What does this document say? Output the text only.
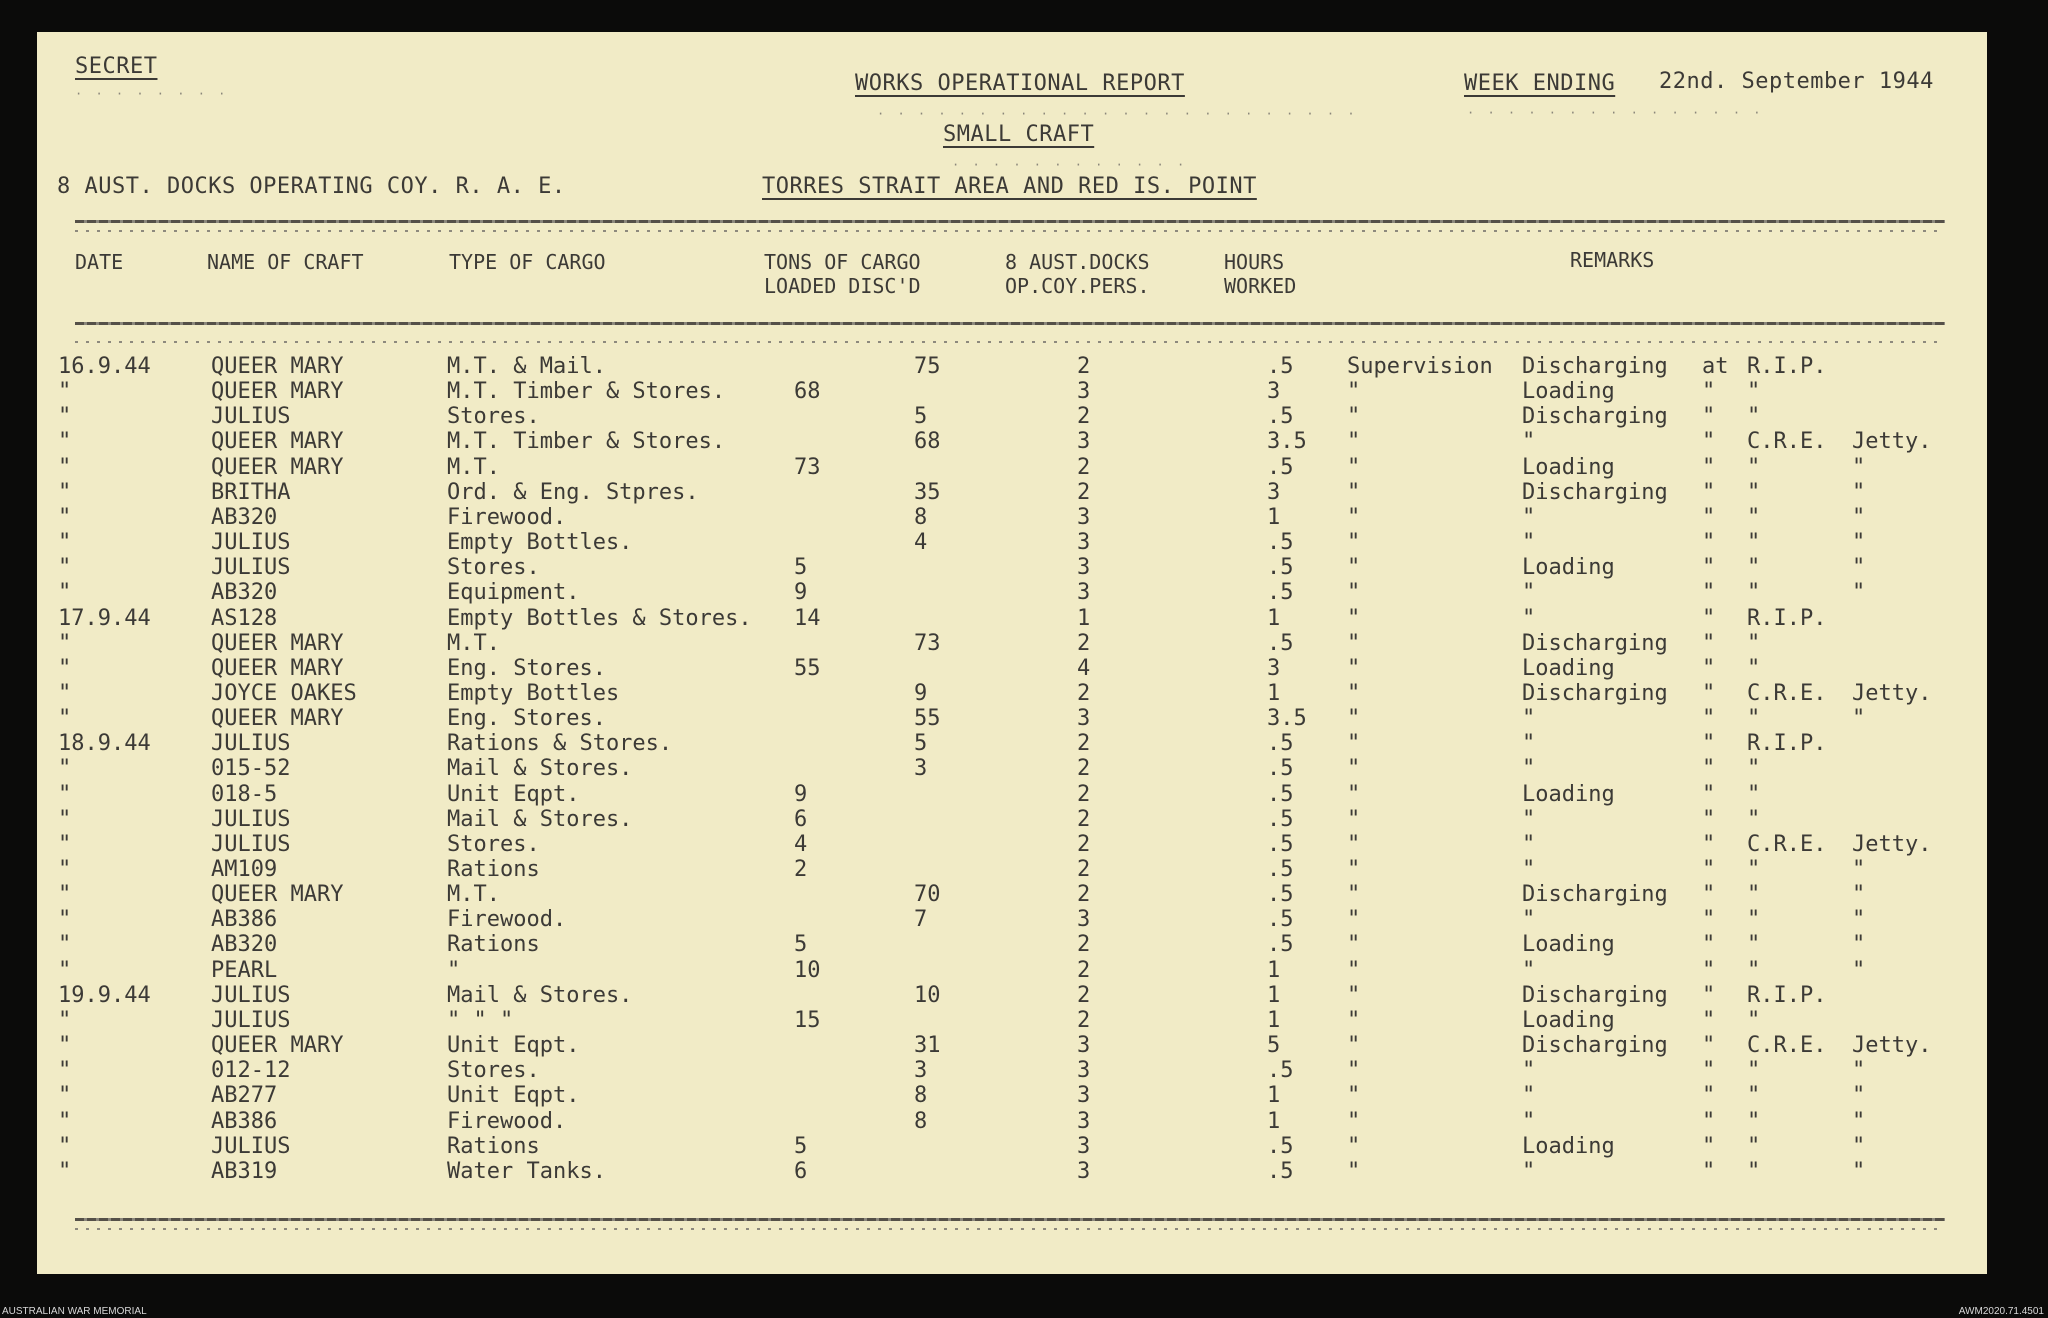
SECRET
· · · · · · · ·	WORKS OPERATIONAL REPORT
· · · · · · · · · · · · · · · · · · · · · · · ·
SMALL CRAFT
· · · · · · · · · · · ·
WEEK ENDING 22nd. September 1944
· · · · · · · · · · · · · · ·
8 AUST. DOCKS OPERATING COY. R. A. E.	TORRES STRAIT AREA AND RED IS. POINT
DATE	NAME OF CRAFT	TYPE OF CARGO	TONS OF CARGO
LOADED DISC'D
8 AUST.DOCKS
OP.COY.PERS.
HOURS
WORKED
REMARKS
16.9.44	QUEER MARY	M.T. & Mail.	75	2	.5 Supervision Discharging at R.I.P.
"	QUEER MARY	M.T. Timber & Stores.	68	3	3	"	Loading	" "
"	JULIUS	Stores.	5	2	.5 "	Discharging " "
"	QUEER MARY	M.T. Timber & Stores.	68	3	3.5 "	"	" C.R.E. Jetty.
"	QUEER MARY	M.T.	73	2	.5 "	Loading	" "	"
"	BRITHA	Ord. & Eng. Stpres.	35	2	3	"	Discharging " "	"
"	AB320	Firewood.	8	3	1	"	"	" "	"
"	JULIUS	Empty Bottles.	4	3	.5 "	"	" "	"
"	JULIUS	Stores.	5	3	.5 "	Loading	" "	"
"	AB320	Equipment.	9	3	.5 "	"	" "	"
17.9.44	AS128	Empty Bottles & Stores. 14	1	1	"	"	" R.I.P.
"	QUEER MARY	M.T.	73	2	.5 "	Discharging " "
"	QUEER MARY	Eng. Stores.	55	4	3	"	Loading	" "
"	JOYCE OAKES	Empty Bottles	9	2	1	"	Discharging " C.R.E. Jetty.
"	QUEER MARY	Eng. Stores.	55	3	3.5 "	"	" "	"
18.9.44	JULIUS	Rations & Stores.	5	2	.5 "	"	" R.I.P.
"	015-52	Mail & Stores.	3	2	.5 "	"	" "
"	018-5	Unit Eqpt.	9	2	.5 "	Loading	" "
"	JULIUS	Mail & Stores.	6	2	.5 "	"	" "
"	JULIUS	Stores.	4	2	.5 "	"	" C.R.E. Jetty.
"	AM109	Rations	2	2	.5 "	"	" "	"
"	QUEER MARY	M.T.	70	2	.5 "	Discharging " "	"
"	AB386	Firewood.	7	3	.5 "	"	" "	"
"	AB320	Rations	5	2	.5 "	Loading	" "	"
"	PEARL	"	10	2	1	"	"	" "	"
19.9.44	JULIUS	Mail & Stores.	10	2	1	"	Discharging " R.I.P.
"	JULIUS	" " "	15	2	1	"	Loading	" "
"	QUEER MARY	Unit Eqpt.	31	3	5	"	Discharging " C.R.E. Jetty.
"	012-12	Stores.	3	3	.5 "	"	" "	"
"	AB277	Unit Eqpt.	8	3	1	"	"	" "	"
"	AB386	Firewood.	8	3	1	"	"	" "	"
"	JULIUS	Rations	5	3	.5 "	Loading	" "	"
"	AB319	Water Tanks.	6	3	.5 "	"	" "	"
AUSTRALIAN WAR MEMORIAL	AWM2020.71.4501
